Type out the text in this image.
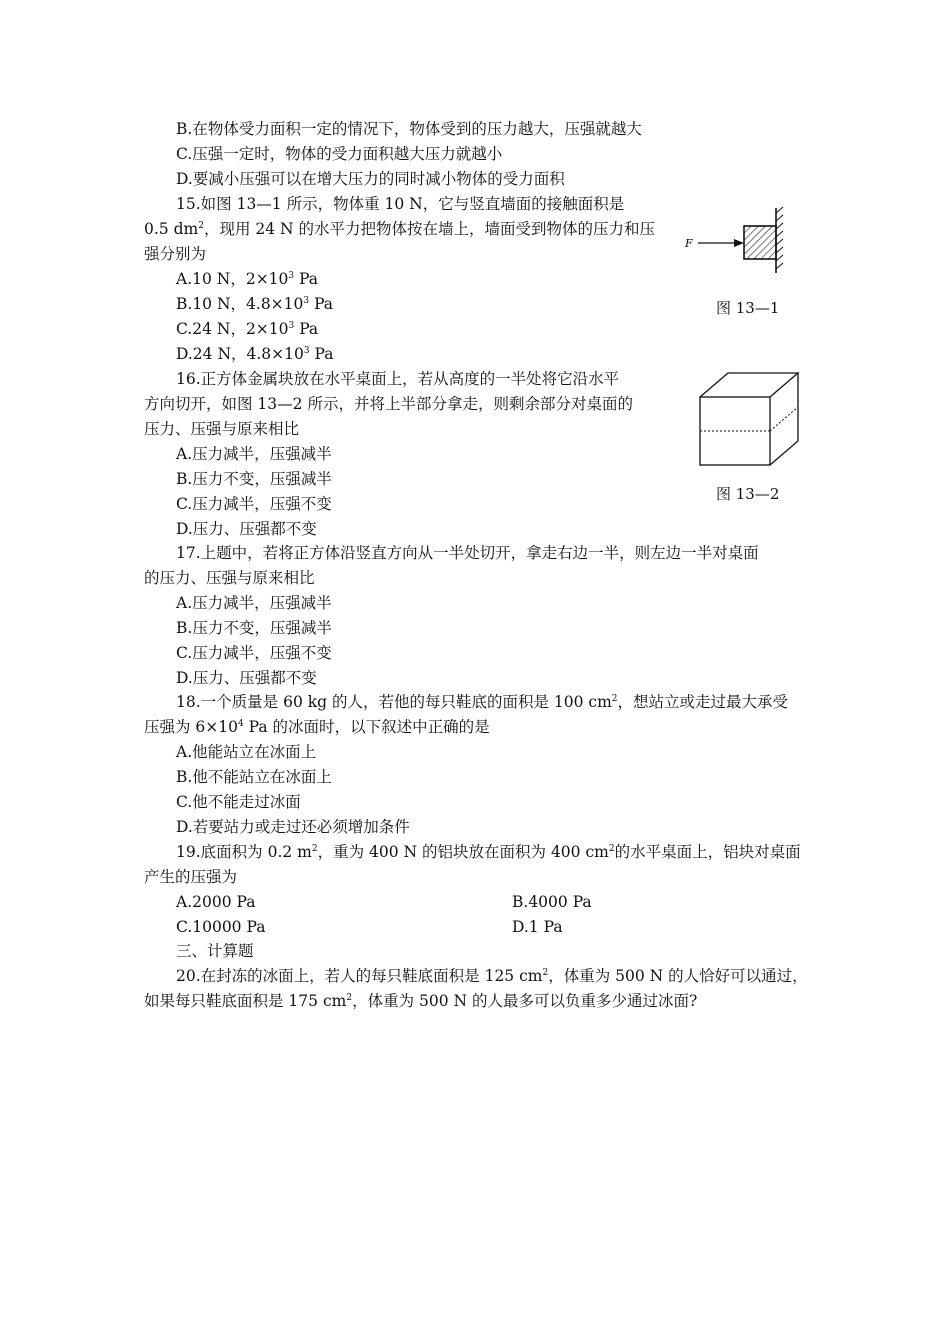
B.在物体受力面积一定的情况下，物体受到的压力越大，压强就越大
C.压强一定时，物体的受力面积越大压力就越小
D.要减小压强可以在增大压力的同时减小物体的受力面积
15.如图 13—1 所示，物体重 10 N，它与竖直墙面的接触面积是
0.5 $dm^2$，现用 24 N 的水平力把物体按在墙上，墙面受到物体的压力和压
强分别为
A.10 N，$2\times 10^3$ Pa
B.10 N，$4.8\times 10^3$ Pa
C.24 N，$2\times 10^3$ Pa
D.24 N，$4.8\times 10^3$ Pa
F
图 13—1
16.正方体金属块放在水平桌面上，若从高度的一半处将它沿水平
方向切开，如图 13—2 所示，并将上半部分拿走，则剩余部分对桌面的
压力、压强与原来相比
A.压力减半，压强减半
B.压力不变，压强减半
C.压力减半，压强不变
D.压力、压强都不变
图 13—2
17.上题中，若将正方体沿竖直方向从一半处切开，拿走右边一半，则左边一半对桌面
的压力、压强与原来相比
A.压力减半，压强减半
B.压力不变，压强减半
C.压力减半，压强不变
D.压力、压强都不变
18.一个质量是 60 kg 的人，若他的每只鞋底的面积是 100 $cm^2$，想站立或走过最大承受
压强为 $6\times 10^4$ Pa 的冰面时，以下叙述中正确的是
A.他能站立在冰面上
B.他不能站立在冰面上
C.他不能走过冰面
D.若要站力或走过还必须增加条件
19.底面积为 0.2 $m^2$，重为 400 N 的铝块放在面积为 400 $cm^2$的水平桌面上，铝块对桌面
产生的压强为
A.2000 Pa	B.4000 Pa
C.10000 Pa	D.1 Pa
三、计算题
20.在封冻的冰面上，若人的每只鞋底面积是 125 $cm^2$，体重为 500 N 的人恰好可以通过，
如果每只鞋底面积是 175 $cm^2$，体重为 500 N 的人最多可以负重多少通过冰面?
